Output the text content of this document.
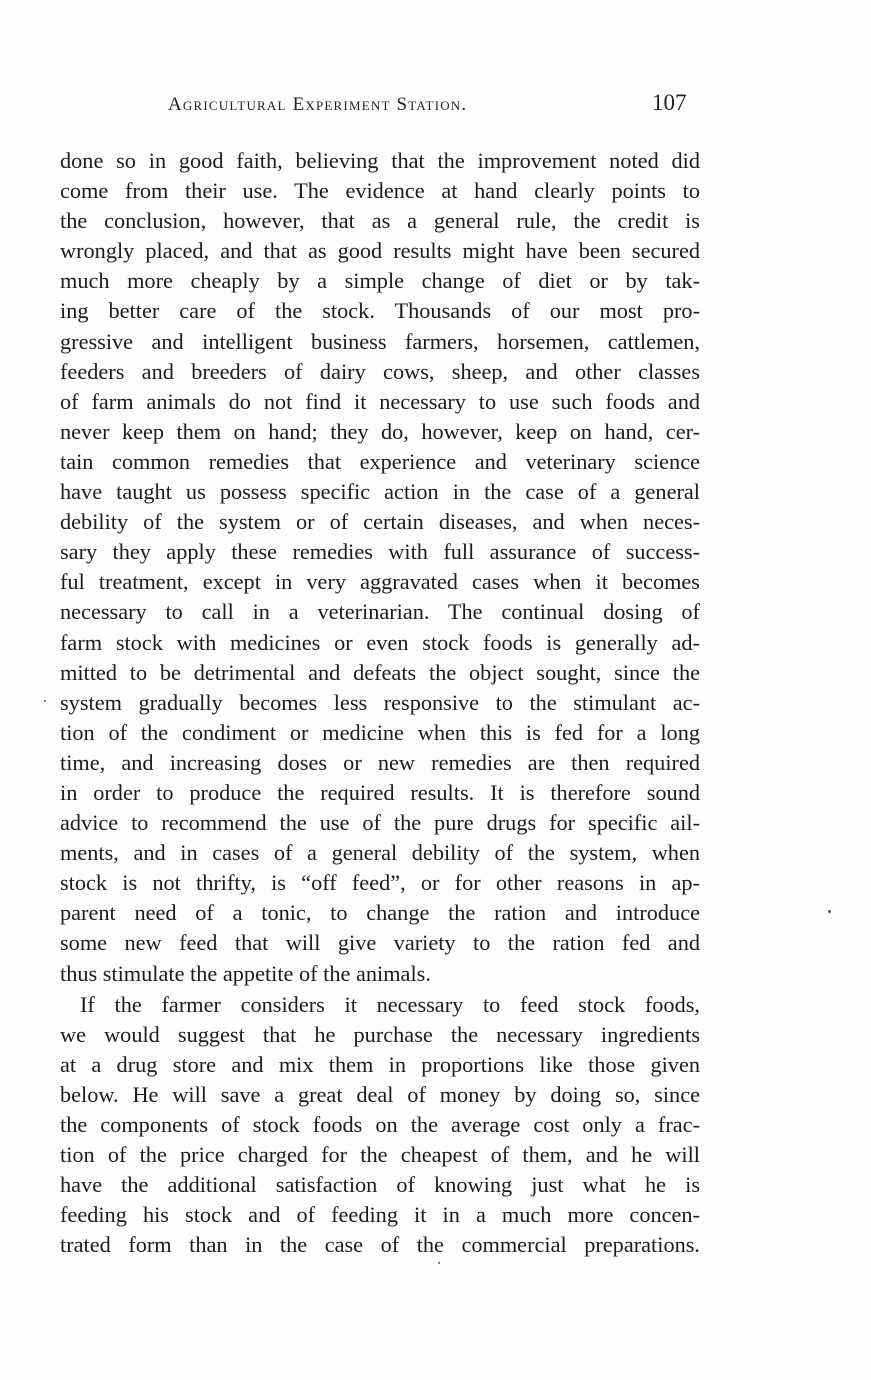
Agricultural Experiment Station.	107
done so in good faith, believing that the improvement noted did
come from their use. The evidence at hand clearly points to
the conclusion, however, that as a general rule, the credit is
wrongly placed, and that as good results might have been secured
much more cheaply by a simple change of diet or by tak-
ing better care of the stock. Thousands of our most pro-
gressive and intelligent business farmers, horsemen, cattlemen,
feeders and breeders of dairy cows, sheep, and other classes
of farm animals do not find it necessary to use such foods and
never keep them on hand; they do, however, keep on hand, cer-
tain common remedies that experience and veterinary science
have taught us possess specific action in the case of a general
debility of the system or of certain diseases, and when neces-
sary they apply these remedies with full assurance of success-
ful treatment, except in very aggravated cases when it becomes
necessary to call in a veterinarian. The continual dosing of
farm stock with medicines or even stock foods is generally ad-
mitted to be detrimental and defeats the object sought, since the
system gradually becomes less responsive to the stimulant ac-
tion of the condiment or medicine when this is fed for a long
time, and increasing doses or new remedies are then required
in order to produce the required results. It is therefore sound
advice to recommend the use of the pure drugs for specific ail-
ments, and in cases of a general debility of the system, when
stock is not thrifty, is “off feed”, or for other reasons in ap-
parent need of a tonic, to change the ration and introduce
some new feed that will give variety to the ration fed and
thus stimulate the appetite of the animals.
If the farmer considers it necessary to feed stock foods,
we would suggest that he purchase the necessary ingredients
at a drug store and mix them in proportions like those given
below. He will save a great deal of money by doing so, since
the components of stock foods on the average cost only a frac-
tion of the price charged for the cheapest of them, and he will
have the additional satisfaction of knowing just what he is
feeding his stock and of feeding it in a much more concen-
trated form than in the case of the commercial preparations.
